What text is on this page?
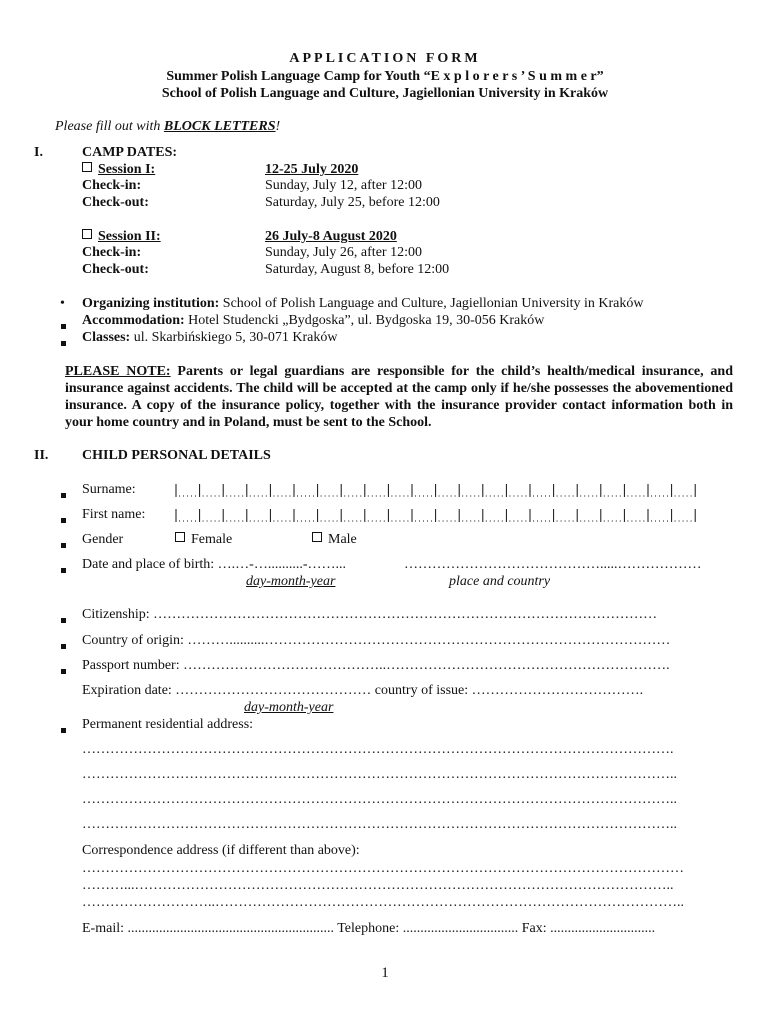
APPLICATION FORM
Summer Polish Language Camp for Youth “E x p l o r e r s ’ S u m m e r”
School of Polish Language and Culture, Jagiellonian University in Kraków
Please fill out with BLOCK LETTERS!
I.	CAMP DATES:
Session I:	12-25 July 2020
Check-in:	Sunday, July 12, after 12:00
Check-out:	Saturday, July 25, before 12:00
Session II:	26 July-8 August 2020
Check-in:	Sunday, July 26, after 12:00
Check-out:	Saturday, August 8, before 12:00
• Organizing institution: School of Polish Language and Culture, Jagiellonian University in Kraków
Accommodation: Hotel Studencki „Bydgoska”, ul. Bydgoska 19, 30-056 Kraków
Classes: ul. Skarbińskiego 5, 30-071 Kraków
PLEASE NOTE: Parents or legal guardians are responsible for the child’s health/medical insurance, and insurance against accidents. The child will be accepted at the camp only if he/she possesses the abovementioned insurance. A copy of the insurance policy, together with the insurance provider contact information both in your home country and in Poland, must be sent to the School.
II. CHILD PERSONAL DETAILS
Surname:
First name:
Gender	Female	Male
Date and place of birth: ….…-…..........-……...	…………………………………….....………………
day-month-year	place and country
Citizenship: ………………………………………………………………………………………………
Country of origin: ………..........……………………………………………………………………………
Passport number: ……………………………………..…………………………………………………….
Expiration date: …………………………………… country of issue: ……………………………….
day-month-year
Permanent residential address:
……………………………………………………………………………………………………………….
………………………………………………………………………………………………………………..
………………………………………………………………………………………………………………..
………………………………………………………………………………………………………………..
Correspondence address (if different than above):
…………………………………………………………………………………………………………………
………...……………………………………………………………………………………………………..
………………………..………………………………………………………………………………………..
E-mail: ........................................................... Telephone: ................................. Fax: ..............................
1
